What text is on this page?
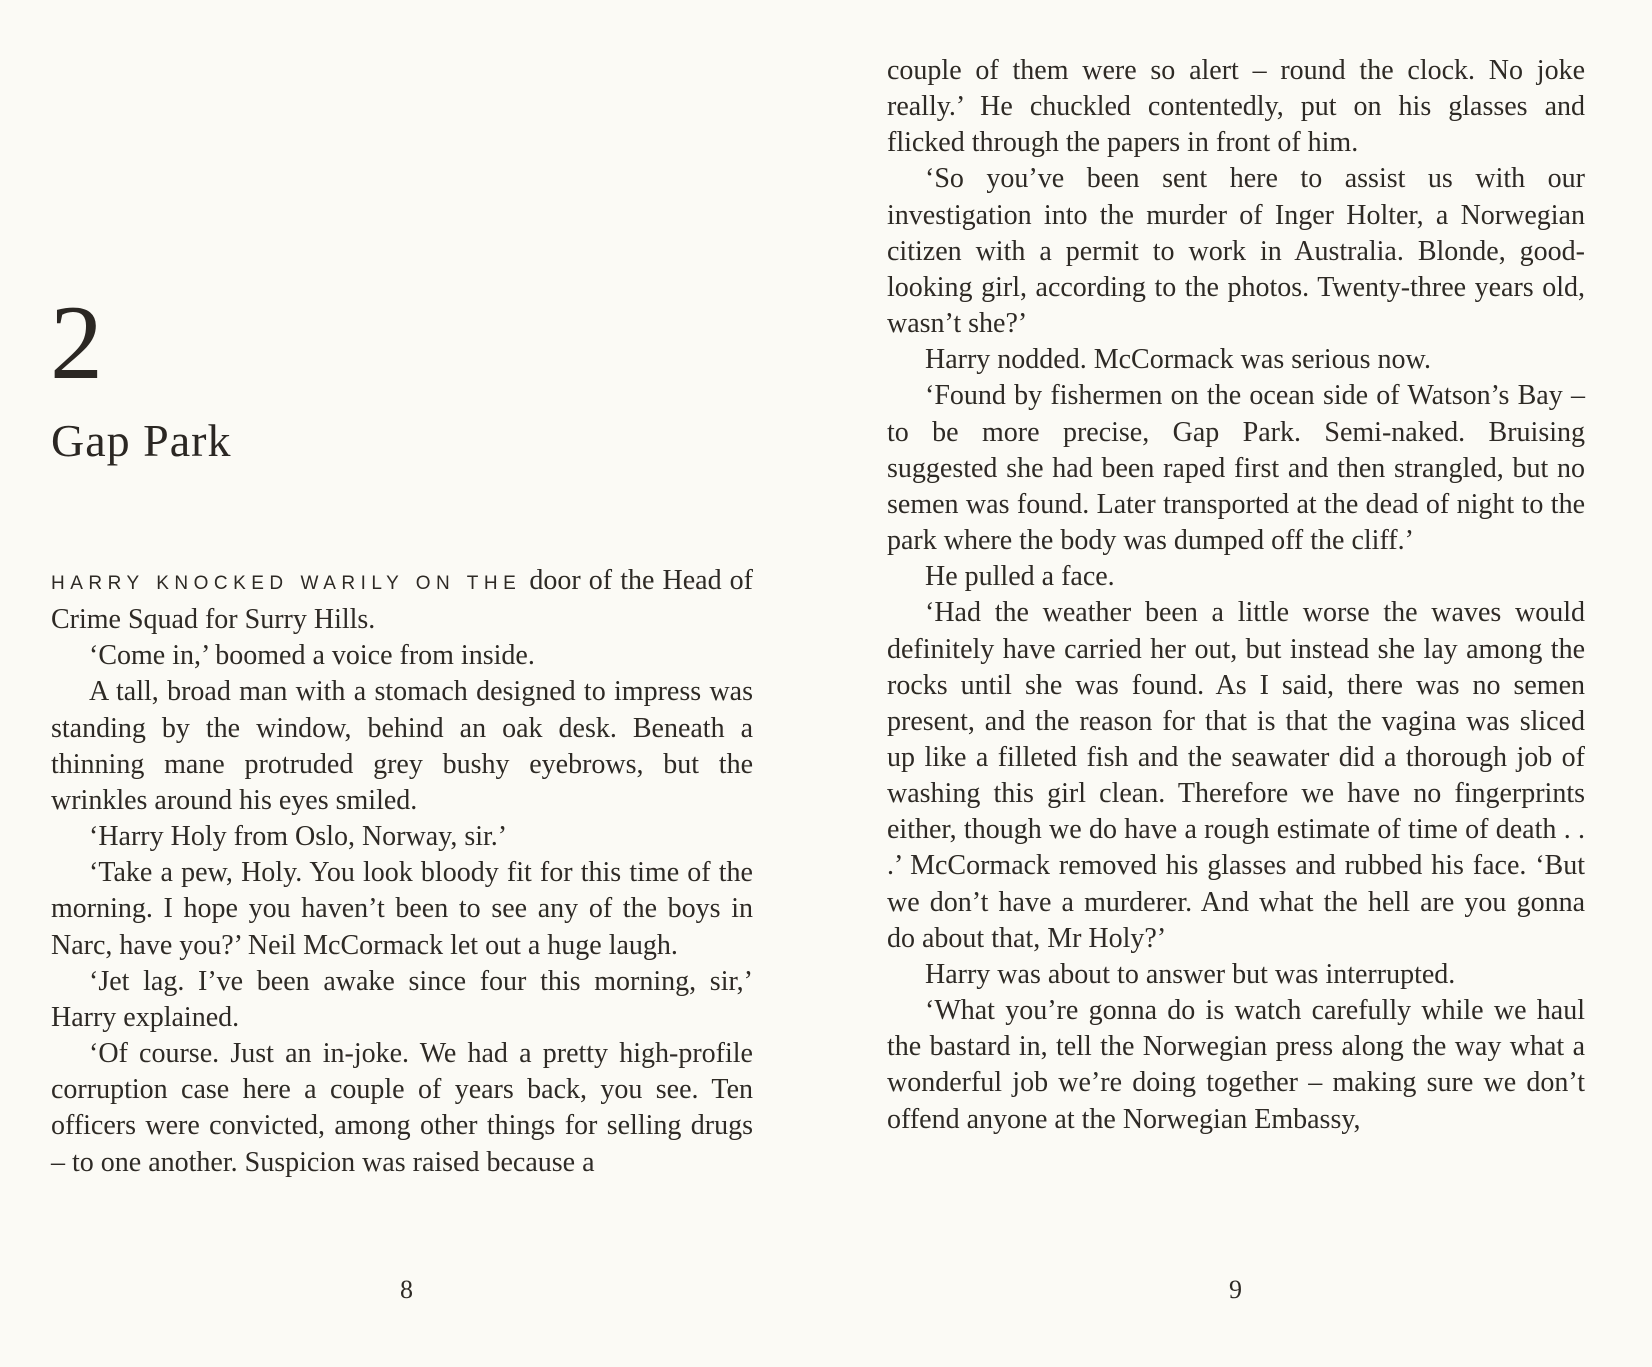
2
Gap Park

HARRY KNOCKED WARILY ON THE door of the Head of Crime Squad for Surry Hills.

‘Come in,’ boomed a voice from inside.

A tall, broad man with a stomach designed to impress was standing by the window, behind an oak desk. Beneath a thinning mane protruded grey bushy eyebrows, but the wrinkles around his eyes smiled.

‘Harry Holy from Oslo, Norway, sir.’

‘Take a pew, Holy. You look bloody fit for this time of the morning. I hope you haven’t been to see any of the boys in Narc, have you?’ Neil McCormack let out a huge laugh.

‘Jet lag. I’ve been awake since four this morning, sir,’ Harry explained.

‘Of course. Just an in-joke. We had a pretty high-profile corruption case here a couple of years back, you see. Ten officers were convicted, among other things for selling drugs – to one another. Suspicion was raised because a

8

couple of them were so alert – round the clock. No joke really.’ He chuckled contentedly, put on his glasses and flicked through the papers in front of him.

‘So you’ve been sent here to assist us with our investigation into the murder of Inger Holter, a Norwegian citizen with a permit to work in Australia. Blonde, good-looking girl, according to the photos. Twenty-three years old, wasn’t she?’

Harry nodded. McCormack was serious now.

‘Found by fishermen on the ocean side of Watson’s Bay – to be more precise, Gap Park. Semi-naked. Bruising suggested she had been raped first and then strangled, but no semen was found. Later transported at the dead of night to the park where the body was dumped off the cliff.’

He pulled a face.

‘Had the weather been a little worse the waves would definitely have carried her out, but instead she lay among the rocks until she was found. As I said, there was no semen present, and the reason for that is that the vagina was sliced up like a filleted fish and the seawater did a thorough job of washing this girl clean. Therefore we have no fingerprints either, though we do have a rough estimate of time of death . . .’ McCormack removed his glasses and rubbed his face. ‘But we don’t have a murderer. And what the hell are you gonna do about that, Mr Holy?’

Harry was about to answer but was interrupted.

‘What you’re gonna do is watch carefully while we haul the bastard in, tell the Norwegian press along the way what a wonderful job we’re doing together – making sure we don’t offend anyone at the Norwegian Embassy,

9
